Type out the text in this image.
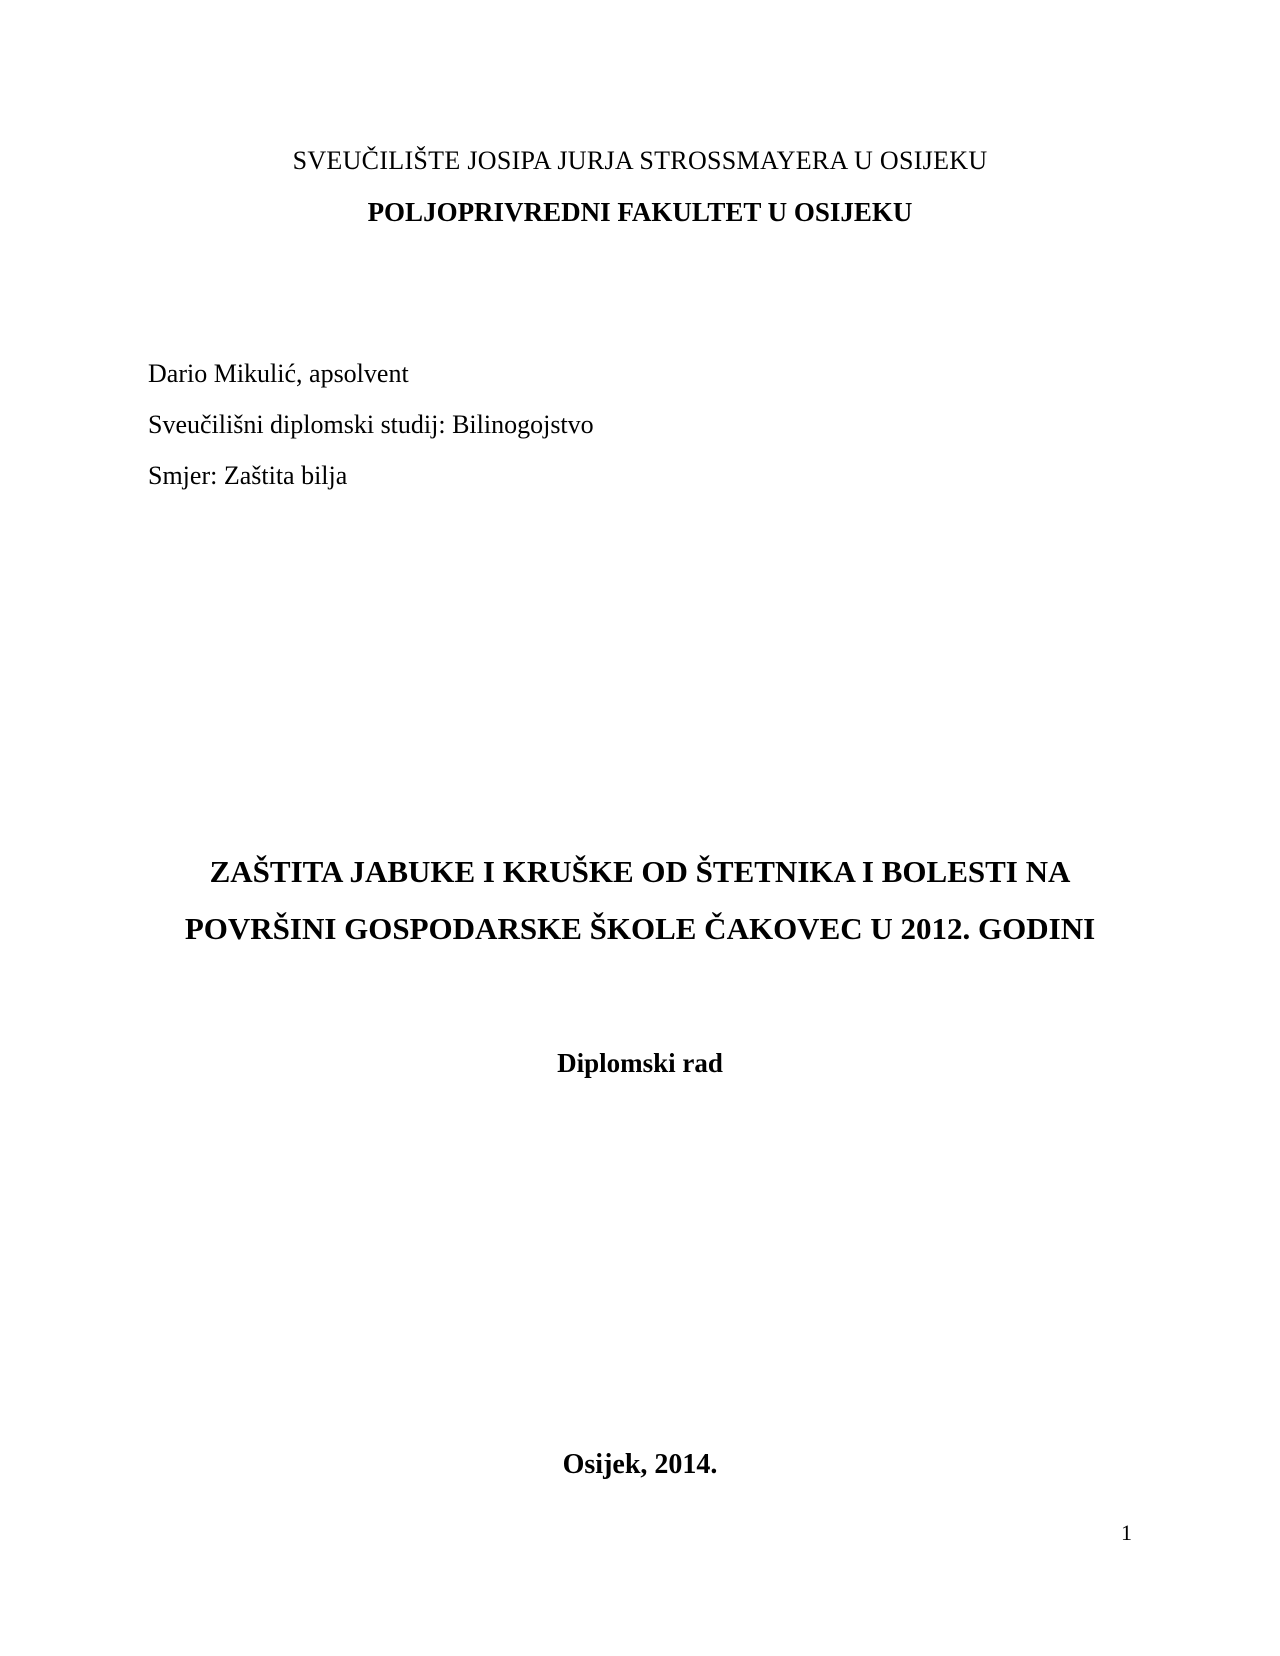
SVEUČILIŠTE JOSIPA JURJA STROSSMAYERA U OSIJEKU
POLJOPRIVREDNI FAKULTET U OSIJEKU
Dario Mikulić, apsolvent
Sveučilišni diplomski studij: Bilinogojstvo
Smjer: Zaštita bilja
ZAŠTITA JABUKE I KRUŠKE OD ŠTETNIKA I BOLESTI NA
POVRŠINI GOSPODARSKE ŠKOLE ČAKOVEC U 2012. GODINI
Diplomski rad
Osijek, 2014.
1
